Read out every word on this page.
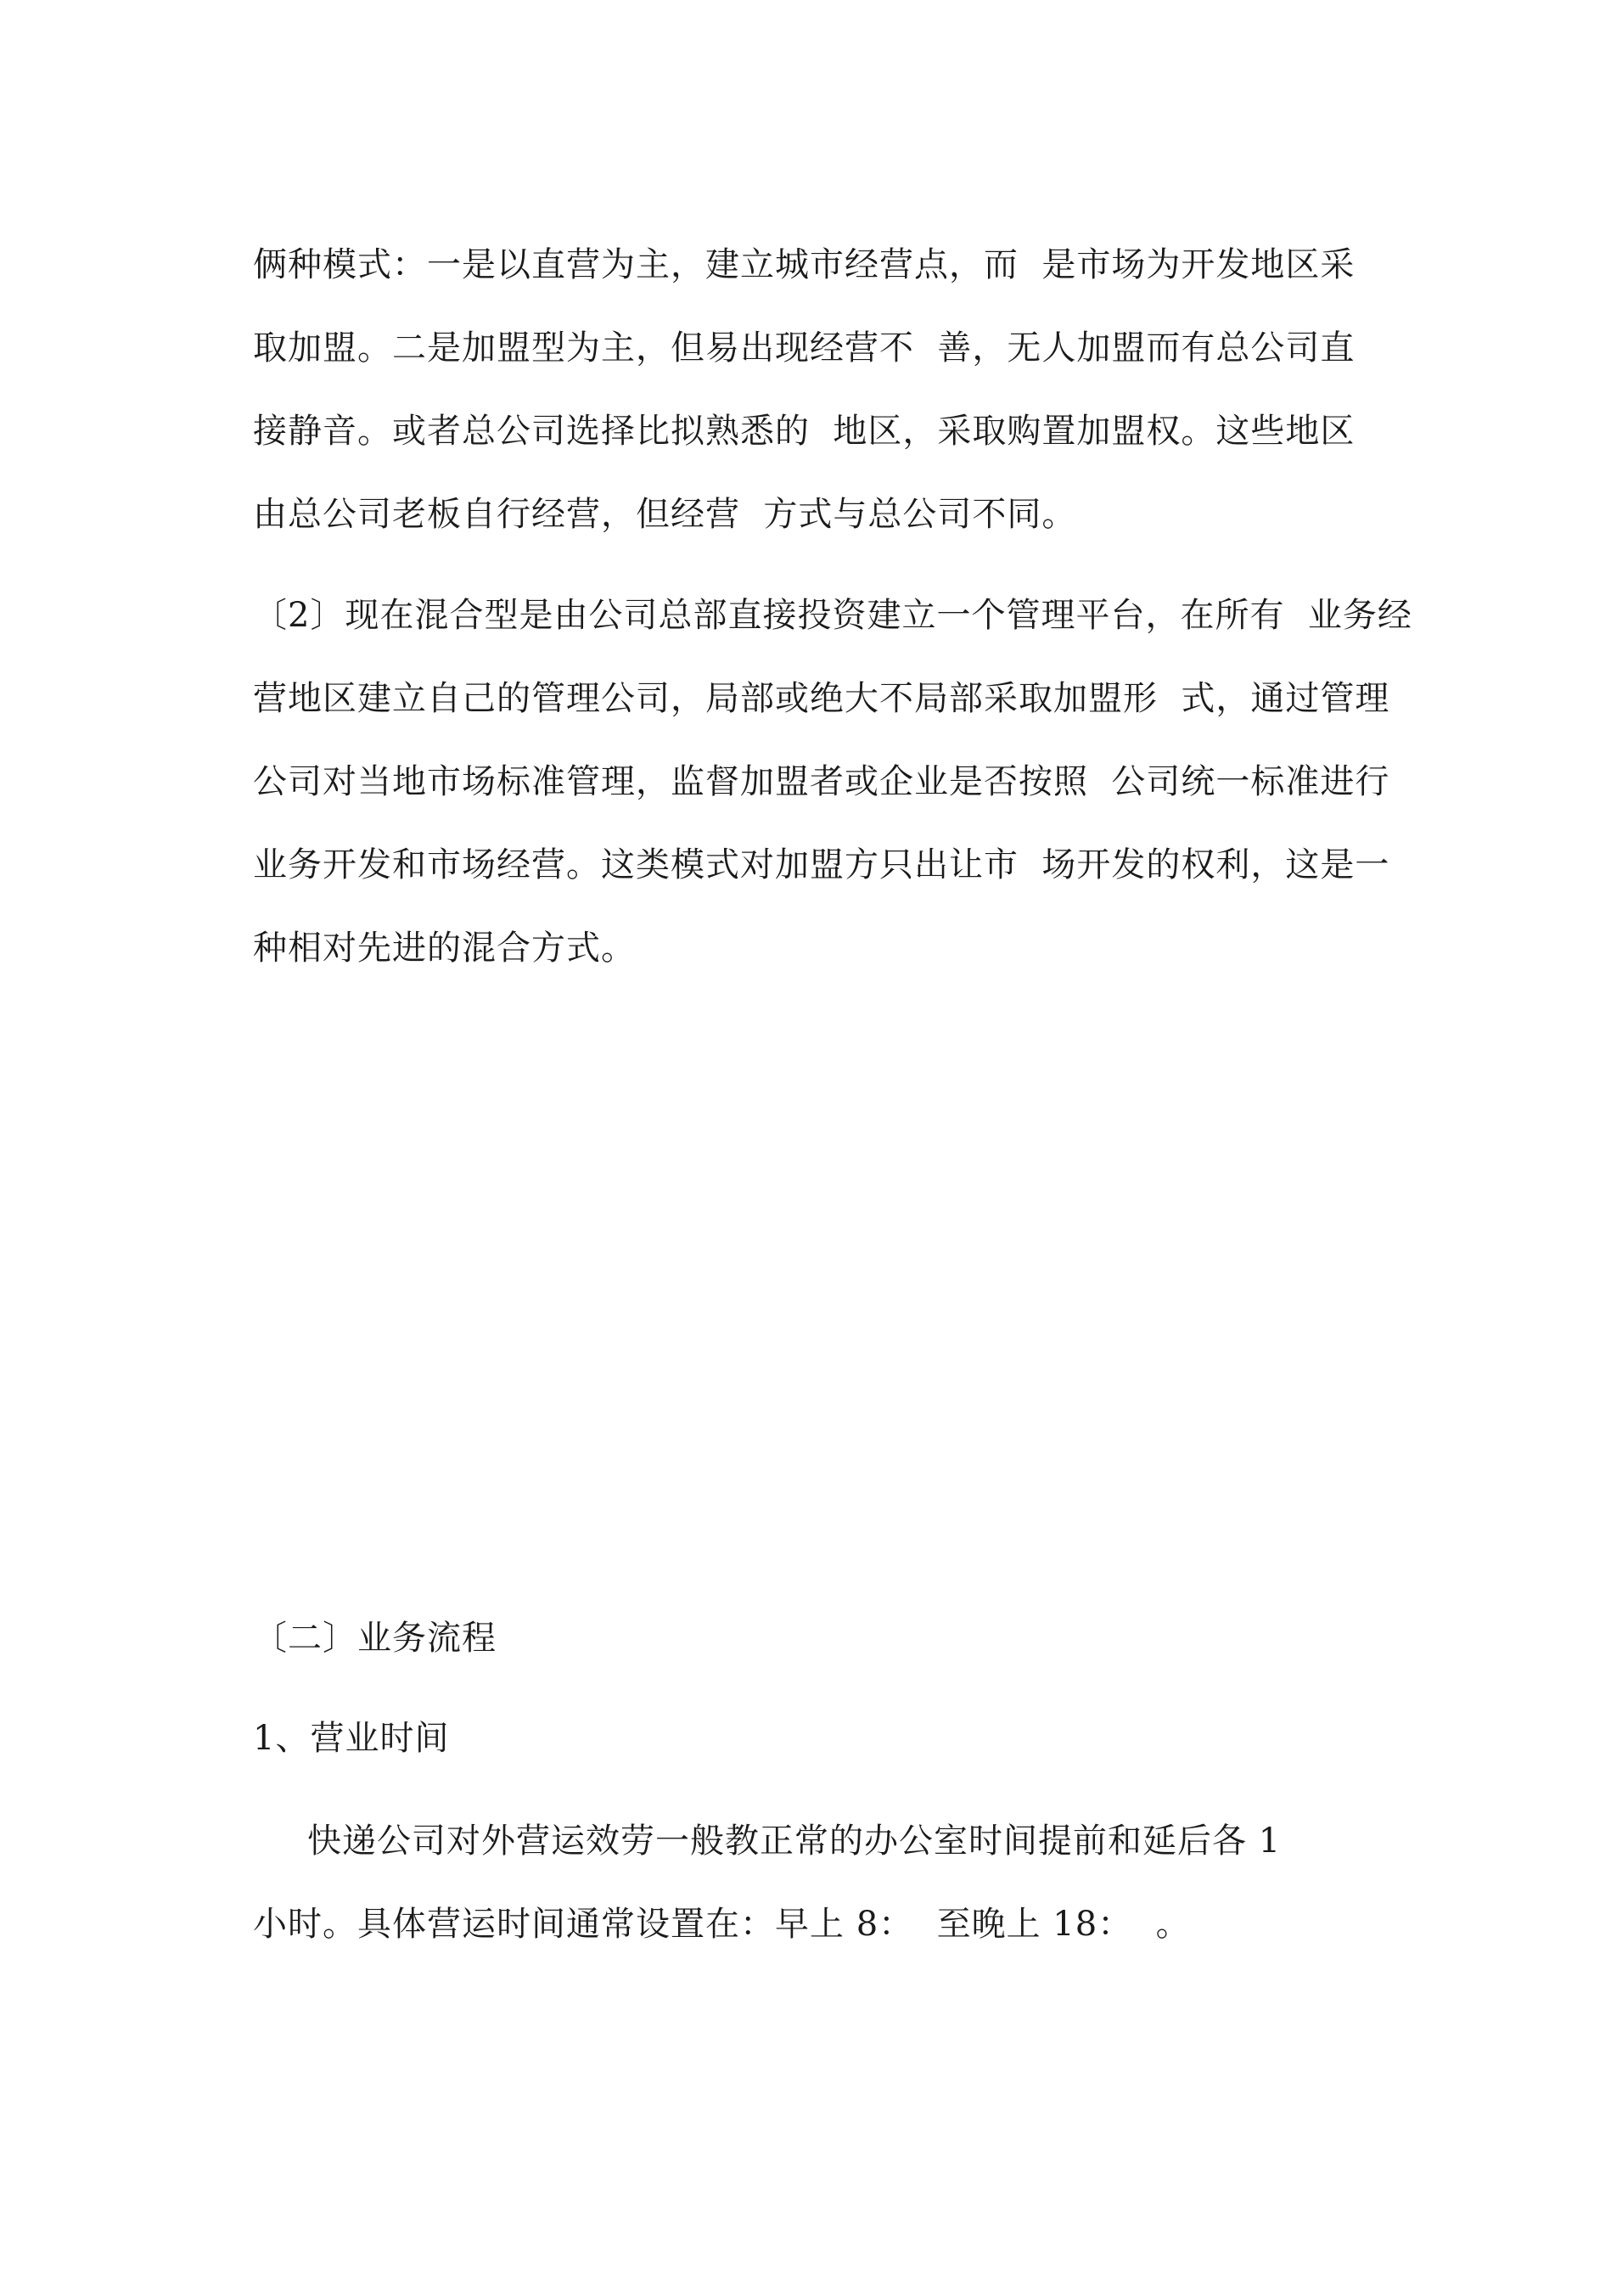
俩种模式：一是以直营为主，建立城市经营点，而  是市场为开发地区采
取加盟。二是加盟型为主，但易出现经营不  善，无人加盟而有总公司直
接静音。或者总公司选择比拟熟悉的  地区，采取购置加盟权。这些地区
由总公司老板自行经营，但经营  方式与总公司不同。
〔2〕现在混合型是由公司总部直接投资建立一个管理平台，在所有  业务经
营地区建立自己的管理公司，局部或绝大不局部采取加盟形  式，通过管理
公司对当地市场标准管理，监督加盟者或企业是否按照  公司统一标准进行
业务开发和市场经营。这类模式对加盟方只出让市  场开发的权利，这是一
种相对先进的混合方式。
〔二〕业务流程
1、营业时间
快递公司对外营运效劳一般教正常的办公室时间提前和延后各 1
小时。具体营运时间通常设置在：早上 8：  至晚上 18：  。
